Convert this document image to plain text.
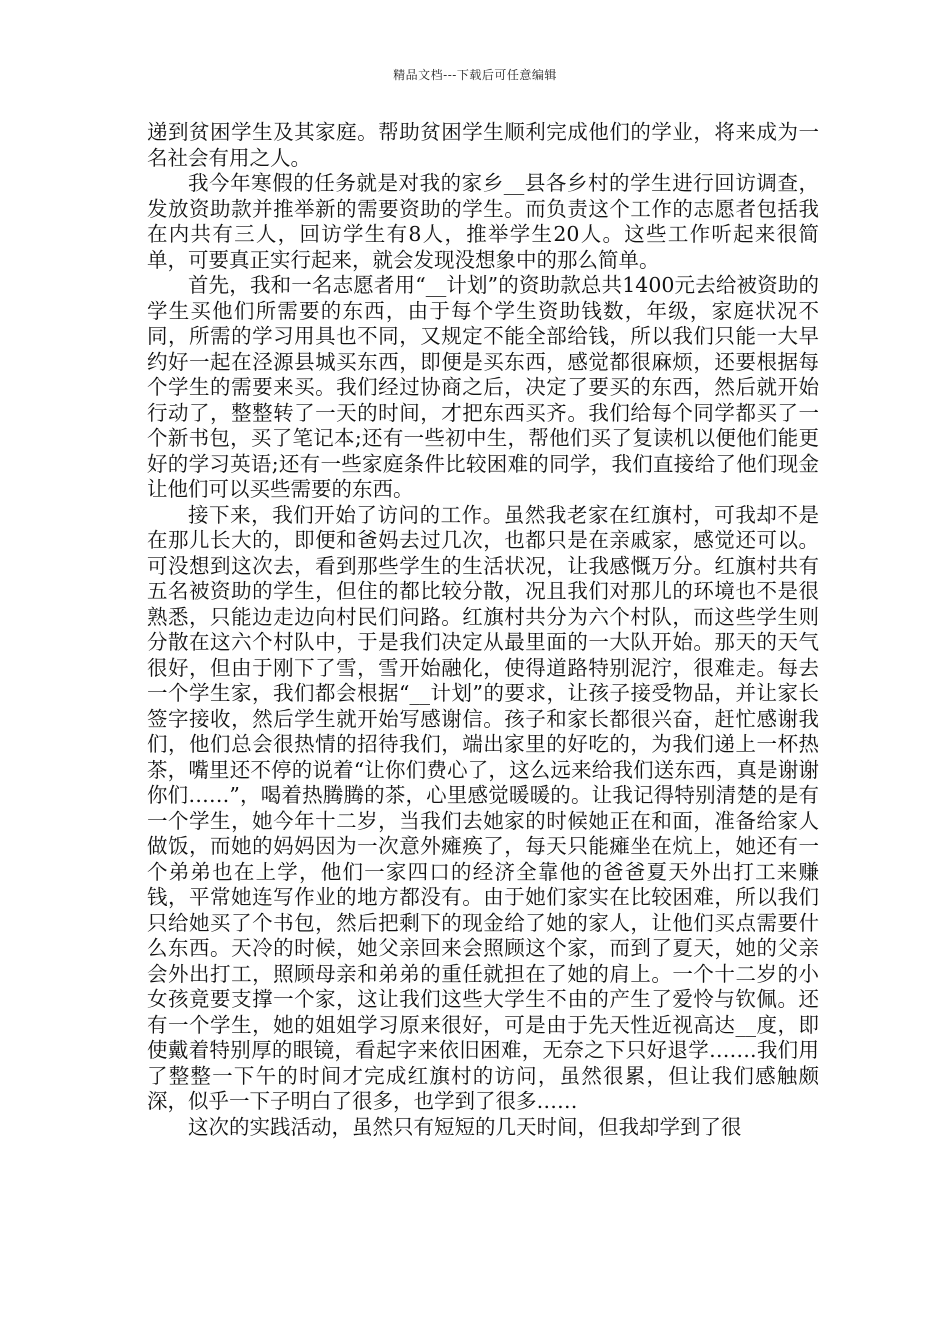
精品文档---下载后可任意编辑

递到贫困学生及其家庭。帮助贫困学生顺利完成他们的学业，将来成为一名社会有用之人。

我今年寒假的任务就是对我的家乡__县各乡村的学生进行回访调查，发放资助款并推举新的需要资助的学生。而负责这个工作的志愿者包括我在内共有三人，回访学生有8人，推举学生20人。这些工作听起来很简单，可要真正实行起来，就会发现没想象中的那么简单。

首先，我和一名志愿者用“__计划”的资助款总共1400元去给被资助的学生买他们所需要的东西，由于每个学生资助钱数，年级，家庭状况不同，所需的学习用具也不同，又规定不能全部给钱，所以我们只能一大早约好一起在泾源县城买东西，即便是买东西，感觉都很麻烦，还要根据每个学生的需要来买。我们经过协商之后，决定了要买的东西，然后就开始行动了，整整转了一天的时间，才把东西买齐。我们给每个同学都买了一个新书包，买了笔记本;还有一些初中生，帮他们买了复读机以便他们能更好的学习英语;还有一些家庭条件比较困难的同学，我们直接给了他们现金让他们可以买些需要的东西。

接下来，我们开始了访问的工作。虽然我老家在红旗村，可我却不是在那儿长大的，即便和爸妈去过几次，也都只是在亲戚家，感觉还可以。可没想到这次去，看到那些学生的生活状况，让我感慨万分。红旗村共有五名被资助的学生，但住的都比较分散，况且我们对那儿的环境也不是很熟悉，只能边走边向村民们问路。红旗村共分为六个村队，而这些学生则分散在这六个村队中，于是我们决定从最里面的一大队开始。那天的天气很好，但由于刚下了雪，雪开始融化，使得道路特别泥泞，很难走。每去一个学生家，我们都会根据“__计划”的要求，让孩子接受物品，并让家长签字接收，然后学生就开始写感谢信。孩子和家长都很兴奋，赶忙感谢我们，他们总会很热情的招待我们，端出家里的好吃的，为我们递上一杯热茶，嘴里还不停的说着“让你们费心了，这么远来给我们送东西，真是谢谢你们……”，喝着热腾腾的茶，心里感觉暖暖的。让我记得特别清楚的是有一个学生，她今年十二岁，当我们去她家的时候她正在和面，准备给家人做饭，而她的妈妈因为一次意外瘫痪了，每天只能瘫坐在炕上，她还有一个弟弟也在上学，他们一家四口的经济全靠他的爸爸夏天外出打工来赚钱，平常她连写作业的地方都没有。由于她们家实在比较困难，所以我们只给她买了个书包，然后把剩下的现金给了她的家人，让他们买点需要什么东西。天冷的时候，她父亲回来会照顾这个家，而到了夏天，她的父亲会外出打工，照顾母亲和弟弟的重任就担在了她的肩上。一个十二岁的小女孩竟要支撑一个家，这让我们这些大学生不由的产生了爱怜与钦佩。还有一个学生，她的姐姐学习原来很好，可是由于先天性近视高达__度，即使戴着特别厚的眼镜，看起字来依旧困难，无奈之下只好退学…….我们用了整整一下午的时间才完成红旗村的访问，虽然很累，但让我们感触颇深，似乎一下子明白了很多，也学到了很多……

这次的实践活动，虽然只有短短的几天时间，但我却学到了很
